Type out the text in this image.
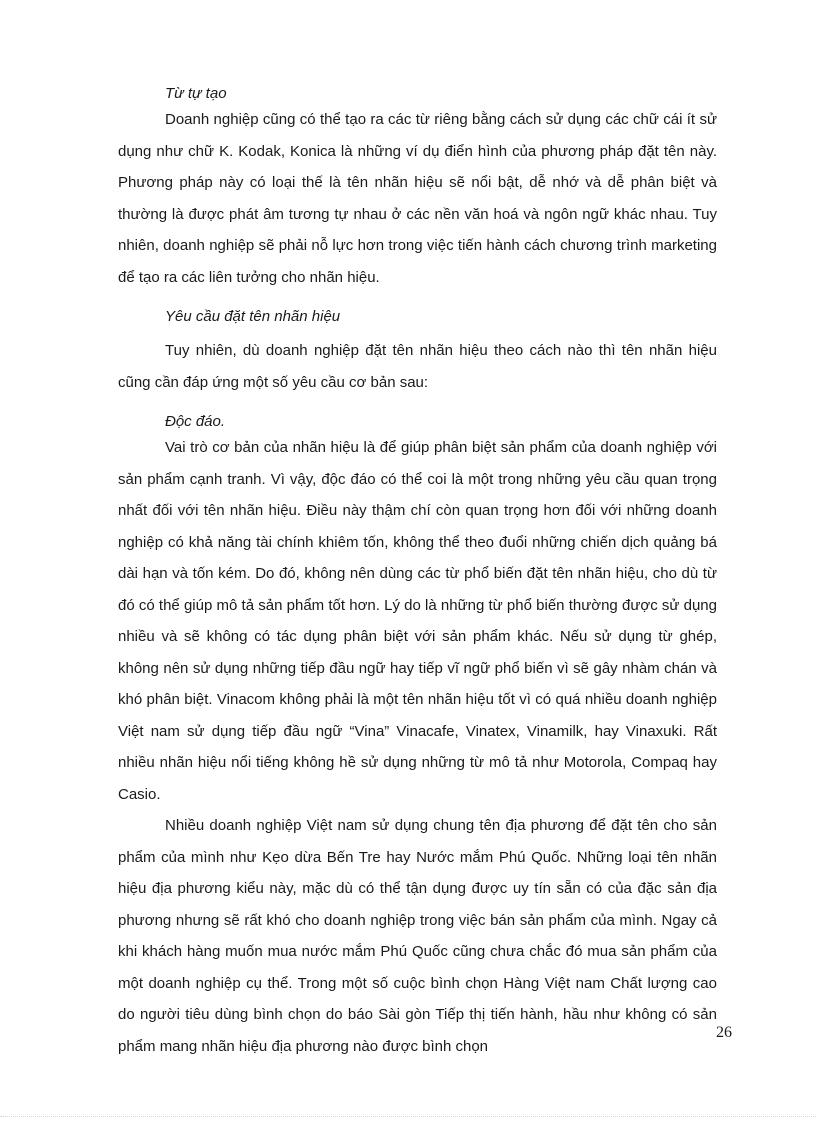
Từ tự tạo

Doanh nghiệp cũng có thể tạo ra các từ riêng bằng cách sử dụng các chữ cái ít sử dụng như chữ K. Kodak, Konica là những ví dụ điển hình của phương pháp đặt tên này. Phương pháp này có loại thế là tên nhãn hiệu sẽ nổi bật, dễ nhớ và dễ phân biệt và thường là được phát âm tương tự nhau ở các nền văn hoá và ngôn ngữ khác nhau. Tuy nhiên, doanh nghiệp sẽ phải nỗ lực hơn trong việc tiến hành cách chương trình marketing để tạo ra các liên tưởng cho nhãn hiệu.

Yêu cầu đặt tên nhãn hiệu

Tuy nhiên, dù doanh nghiệp đặt tên nhãn hiệu theo cách nào thì tên nhãn hiệu cũng cần đáp ứng một số yêu cầu cơ bản sau:

Độc đáo.

Vai trò cơ bản của nhãn hiệu là để giúp phân biệt sản phẩm của doanh nghiệp với sản phẩm cạnh tranh. Vì vậy, độc đáo có thể coi là một trong những yêu cầu quan trọng nhất đối với tên nhãn hiệu. Điều này thậm chí còn quan trọng hơn đối với những doanh nghiệp có khả năng tài chính khiêm tốn, không thể theo đuổi những chiến dịch quảng bá dài hạn và tốn kém. Do đó, không nên dùng các từ phổ biến đặt tên nhãn hiệu, cho dù từ đó có thể giúp mô tả sản phẩm tốt hơn. Lý do là những từ phổ biến thường được sử dụng nhiều và sẽ không có tác dụng phân biệt với sản phẩm khác. Nếu sử dụng từ ghép, không nên sử dụng những tiếp đầu ngữ hay tiếp vĩ ngữ phổ biến vì sẽ gây nhàm chán và khó phân biệt. Vinacom không phải là một tên nhãn hiệu tốt vì có quá nhiều doanh nghiệp Việt nam sử dụng tiếp đầu ngữ “Vina” Vinacafe, Vinatex, Vinamilk, hay Vinaxuki. Rất nhiều nhãn hiệu nổi tiếng không hề sử dụng những từ mô tả như Motorola, Compaq hay Casio.

Nhiều doanh nghiệp Việt nam sử dụng chung tên địa phương để đặt tên cho sản phẩm của mình như Kẹo dừa Bến Tre hay Nước mắm Phú Quốc. Những loại tên nhãn hiệu địa phương kiểu này, mặc dù có thể tận dụng được uy tín sẵn có của đặc sản địa phương nhưng sẽ rất khó cho doanh nghiệp trong việc bán sản phẩm của mình. Ngay cả khi khách hàng muốn mua nước mắm Phú Quốc cũng chưa chắc đó mua sản phẩm của một doanh nghiệp cụ thể. Trong một số cuộc bình chọn Hàng Việt nam Chất lượng cao do người tiêu dùng bình chọn do báo Sài gòn Tiếp thị tiến hành, hầu như không có sản phẩm mang nhãn hiệu địa phương nào được bình chọn

26
